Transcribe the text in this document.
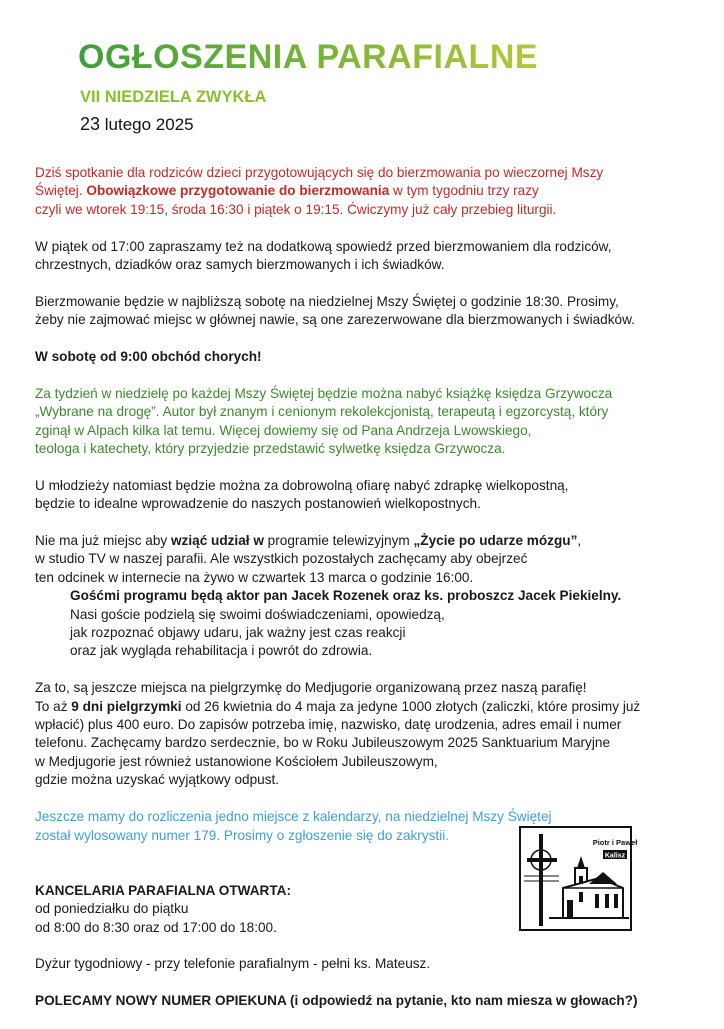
OGŁOSZENIA PARAFIALNE
VII NIEDZIELA ZWYKŁA
23 lutego 2025
Dziś spotkanie dla rodziców dzieci przygotowujących się do bierzmowania po wieczornej Mszy
Świętej. Obowiązkowe przygotowanie do bierzmowania w tym tygodniu trzy razy
czyli we wtorek 19:15, środa 16:30 i piątek o 19:15. Ćwiczymy już cały przebieg liturgii.
W piątek od 17:00 zapraszamy też na dodatkową spowiedź przed bierzmowaniem dla rodziców,
chrzestnych, dziadków oraz samych bierzmowanych i ich świadków.
Bierzmowanie będzie w najbliższą sobotę na niedzielnej Mszy Świętej o godzinie 18:30. Prosimy,
żeby nie zajmować miejsc w głównej nawie, są one zarezerwowane dla bierzmowanych i świadków.
W sobotę od 9:00 obchód chorych!
Za tydzień w niedzielę po każdej Mszy Świętej będzie można nabyć książkę księdza Grzywocza
„Wybrane na drogę”. Autor był znanym i cenionym rekolekcjonistą, terapeutą i egzorcystą, który
zginął w Alpach kilka lat temu. Więcej dowiemy się od Pana Andrzeja Lwowskiego,
teologa i katechety, który przyjedzie przedstawić sylwetkę księdza Grzywocza.
U młodzieży natomiast będzie można za dobrowolną ofiarę nabyć zdrapkę wielkopostną,
będzie to idealne wprowadzenie do naszych postanowień wielkopostnych.
Nie ma już miejsc aby wziąć udział w programie telewizyjnym „Życie po udarze mózgu”,
w studio TV w naszej parafii. Ale wszystkich pozostałych zachęcamy aby obejrzeć
ten odcinek w internecie na żywo w czwartek 13 marca o godzinie 16:00.
Gośćmi programu będą aktor pan Jacek Rozenek oraz ks. proboszcz Jacek Piekielny.
Nasi goście podzielą się swoimi doświadczeniami, opowiedzą,
jak rozpoznać objawy udaru, jak ważny jest czas reakcji
oraz jak wygląda rehabilitacja i powrót do zdrowia.
Za to, są jeszcze miejsca na pielgrzymkę do Medjugorie organizowaną przez naszą parafię!
To aż 9 dni pielgrzymki od 26 kwietnia do 4 maja za jedyne 1000 złotych (zaliczki, które prosimy już
wpłacić) plus 400 euro. Do zapisów potrzeba imię, nazwisko, datę urodzenia, adres email i numer
telefonu. Zachęcamy bardzo serdecznie, bo w Roku Jubileuszowym 2025 Sanktuarium Maryjne
w Medjugorie jest również ustanowione Kościołem Jubileuszowym,
gdzie można uzyskać wyjątkowy odpust.
Jeszcze mamy do rozliczenia jedno miejsce z kalendarzy, na niedzielnej Mszy Świętej
został wylosowany numer 179. Prosimy o zgłoszenie się do zakrystii.
KANCELARIA PARAFIALNA OTWARTA:
od poniedziałku do piątku
od 8:00 do 8:30 oraz od 17:00 do 18:00.
Dyżur tygodniowy - przy telefonie parafialnym - pełni ks. Mateusz.
POLECAMY NOWY NUMER OPIEKUNA (i odpowiedź na pytanie, kto nam miesza w głowach?)
Kalisz
Piotr i Paweł
